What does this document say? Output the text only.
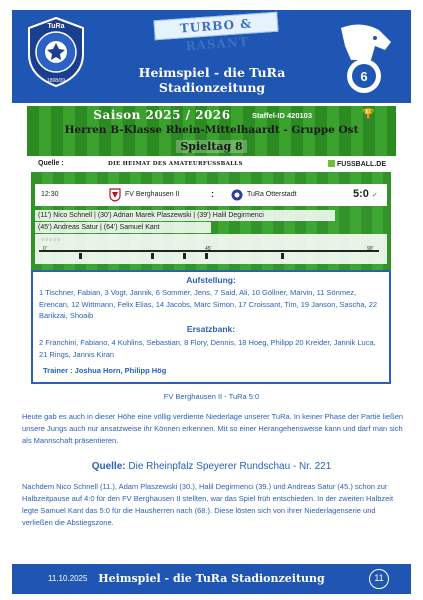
TuRa
1898/09
TURBO & RASANT
Heimspiel - die TuRa Stadionzeitung
6
Saison 2025 / 2026	Staffel-ID 420103	🏆
Herren B-Klasse Rhein-Mittelhaardt - Gruppe Ost
Spieltag 8
Quelle :	DIE HEIMAT DES AMATEURFUSSBALLS	FUSSBALL.DE
12:30	FV Berghausen II	:	TuRa Otterstadt	5:0 ✓
(11') Nico Schnell | (30') Adrian Marek Plaszewski | (39') Halil Degirmenci
(45') Andreas Satur | (64') Samuel Kant
○○○○○
0'	45'	90'
Aufstellung:
1 Tischner, Fabian, 3 Vogt, Jannik, 6 Sommer, Jens, 7 Said, Ali, 10 Göllner, Marvin, 11 Sönmez, Erencan, 12 Wittmann, Felix Elias, 14 Jacobs, Marc Simon, 17 Croissant, Tim, 19 Janson, Sascha, 22 Barikzai, Shoaib
Ersatzbank:
2 Franchini, Fabiano, 4 Kuhlins, Sebastian, 8 Flory, Dennis, 18 Hoeg, Philipp 20 Kreider, Jannik Luca, 21 Rings, Jannis Kiran
Trainer : Joshua Horn, Philipp Hög
FV Berghausen II - TuRa 5:0
Heute gab es auch in dieser Höhe eine völlig verdiente Niederlage unserer TuRa. In keiner Phase der Partie ließen unsere Jungs auch nur ansatzweise ihr Können erkennen. Mit so einer Herangehensweise kann und darf man sich als Mannschaft präsentieren.
Quelle: Die Rheinpfalz Speyerer Rundschau - Nr. 221
Nachdem Nico Schnell (11.), Adam Plaszewski (30.), Halil Degirmenci (39.) und Andreas Satur (45.) schon zur Halbzeitpause auf 4:0 für den FV Berghausen II stellten, war das Spiel früh entschieden. In der zweiten Halbzeit legte Samuel Kant das 5:0 für die Hausherren nach (68.). Diese lösten sich von ihrer Niederlagenserie und verließen die Abstiegszone.
11.10.2025 Heimspiel - die TuRa Stadionzeitung	11
